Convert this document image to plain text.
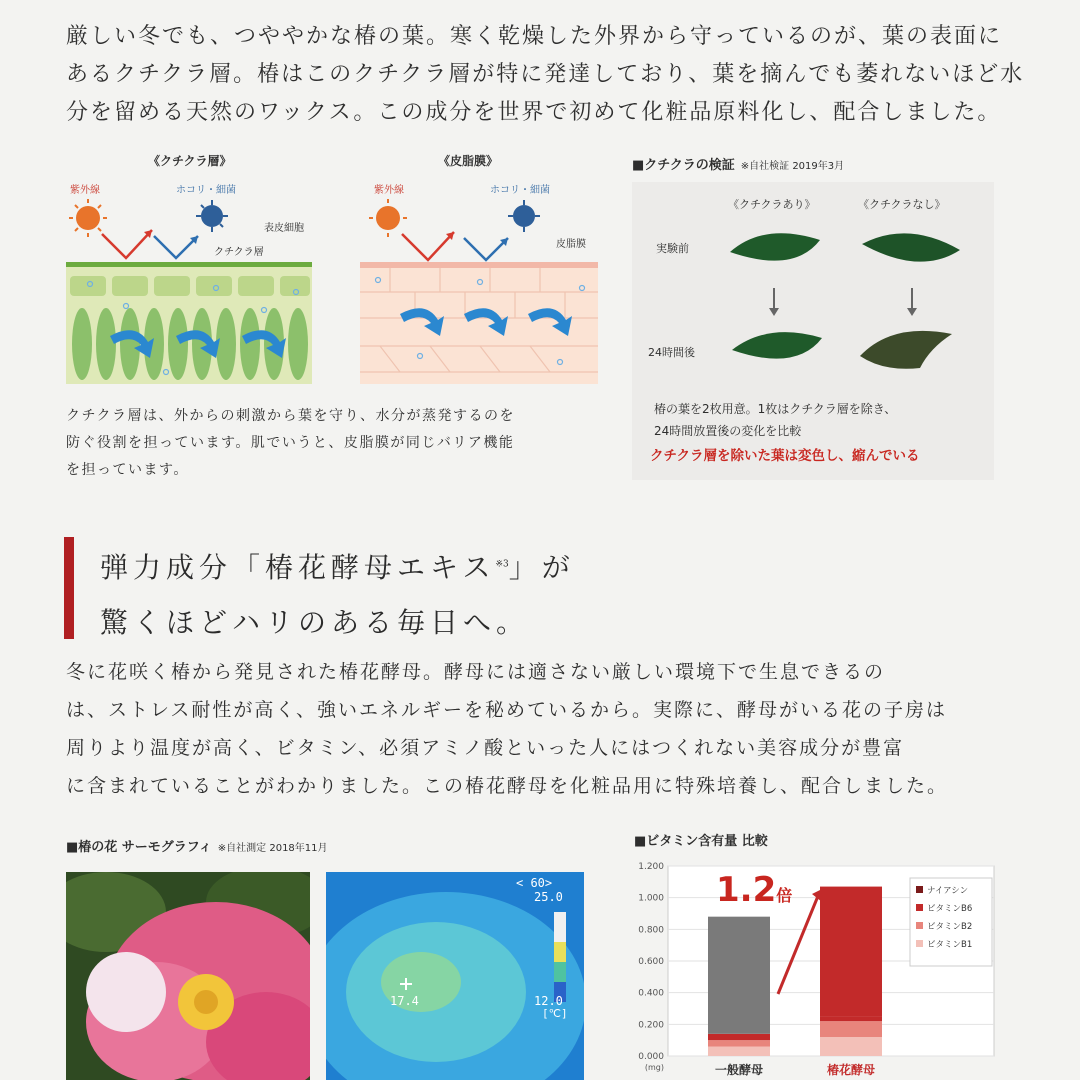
厳しい冬でも、つややかな椿の葉。寒く乾燥した外界から守っているのが、葉の表面に
あるクチクラ層。椿はこのクチクラ層が特に発達しており、葉を摘んでも萎れないほど水
分を留める天然のワックス。この成分を世界で初めて化粧品原料化し、配合しました。
《クチクラ層》
紫外線	ホコリ・細菌
表皮細胞
クチクラ層
《皮脂膜》
紫外線	ホコリ・細菌
皮脂膜
クチクラ層は、外からの刺激から葉を守り、水分が蒸発するのを
防ぐ役割を担っています。肌でいうと、皮脂膜が同じバリア機能
を担っています。
■クチクラの検証 ※自社検証 2019年3月
《クチクラあり》	《クチクラなし》
実験前
24時間後
椿の葉を2枚用意。1枚はクチクラ層を除き、
24時間放置後の変化を比較
クチクラ層を除いた葉は変色し、縮んでいる
弾力成分「椿花酵母エキス$^{※3}$」が
驚くほどハリのある毎日へ。
冬に花咲く椿から発見された椿花酵母。酵母には適さない厳しい環境下で生息できるの
は、ストレス耐性が高く、強いエネルギーを秘めているから。実際に、酵母がいる花の子房は
周りより温度が高く、ビタミン、必須アミノ酸といった人にはつくれない美容成分が豊富
に含まれていることがわかりました。この椿花酵母を化粧品用に特殊培養し、配合しました。
■椿の花 サーモグラフィ ※自社測定 2018年11月
< 60>
25.0
12.0
[℃]
17.4
■ビタミン含有量 比較
0.000
0.200
0.400
0.600
0.800
1.000
1.200
(mg)	一般酵母	椿花酵母
ナイアシン
ビタミンB6
ビタミンB2
ビタミンB1
1.2倍
